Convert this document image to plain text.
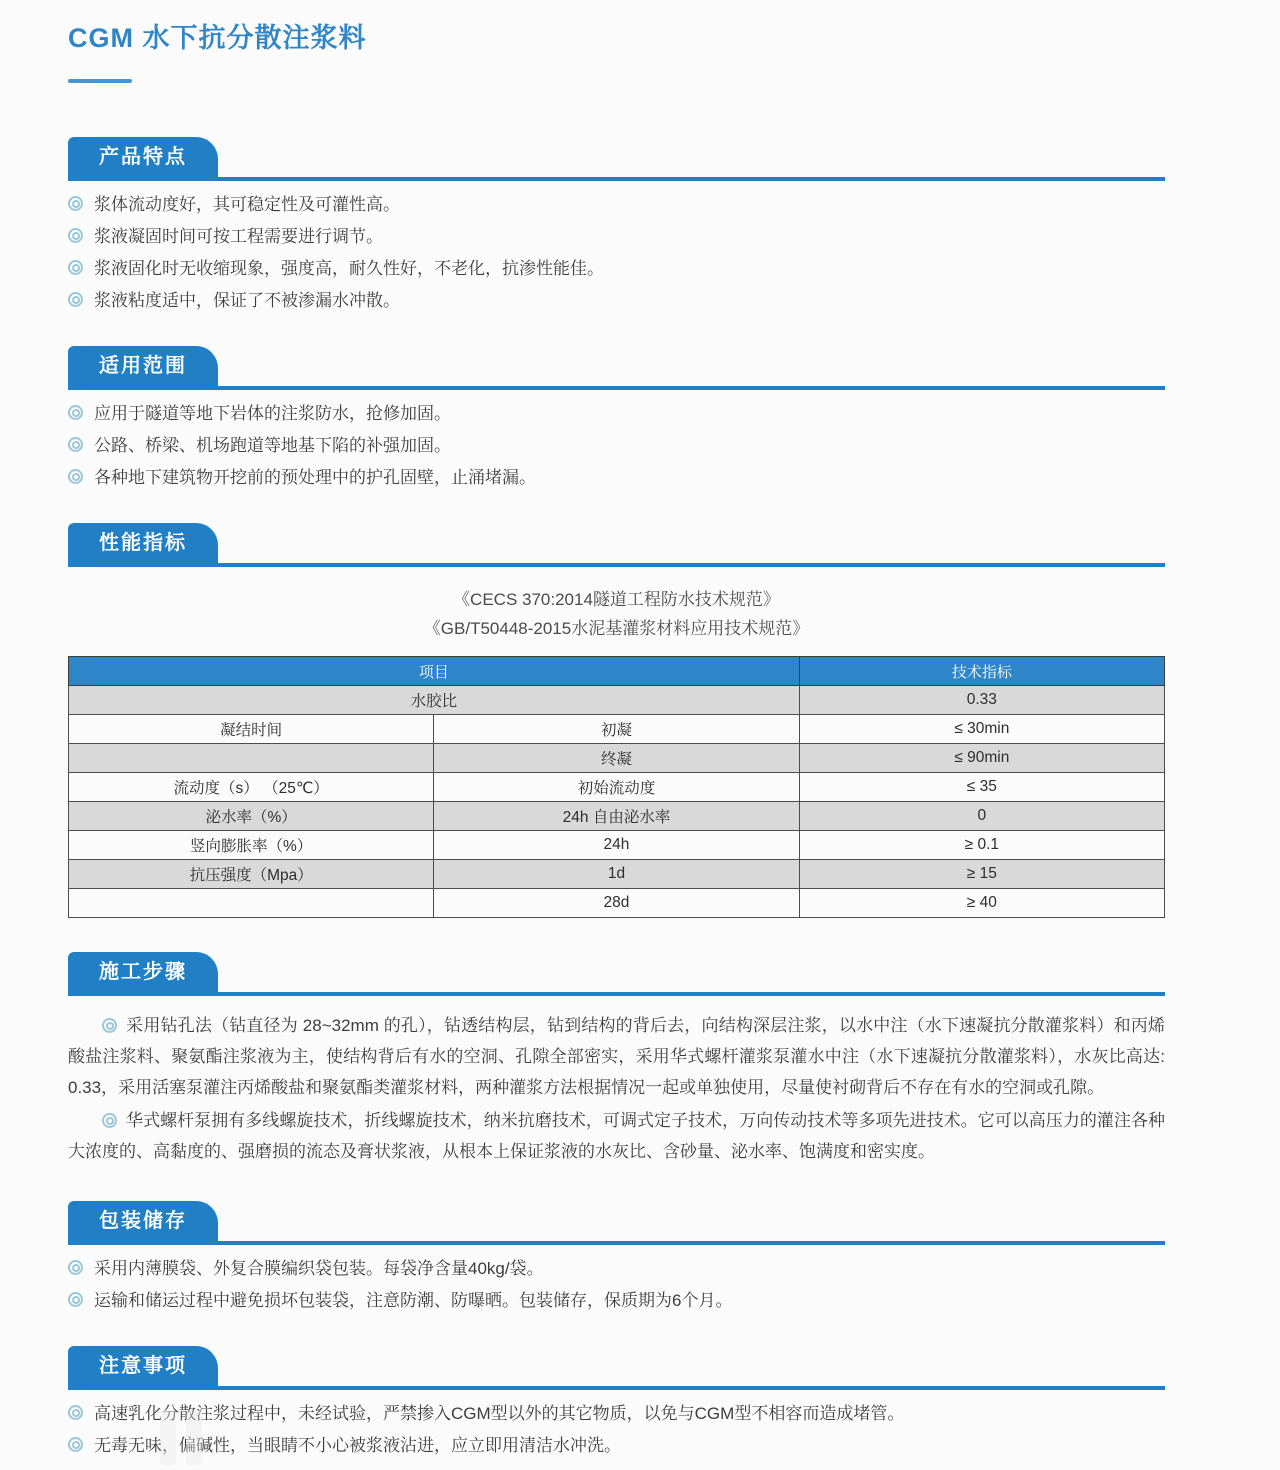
CGM 水下抗分散注浆料
产品特点
浆体流动度好，其可稳定性及可灌性高。
浆液凝固时间可按工程需要进行调节。
浆液固化时无收缩现象，强度高，耐久性好，不老化，抗渗性能佳。
浆液粘度适中，保证了不被渗漏水冲散。
适用范围
应用于隧道等地下岩体的注浆防水，抢修加固。
公路、桥梁、机场跑道等地基下陷的补强加固。
各种地下建筑物开挖前的预处理中的护孔固壁，止涌堵漏。
性能指标
《CECS 370:2014隧道工程防水技术规范》
《GB/T50448-2015水泥基灌浆材料应用技术规范》
项目		技术指标
水胶比		0.33
凝结时间	初凝	≤ 30min
	终凝	≤ 90min
流动度（s） （25℃）	初始流动度	≤ 35
泌水率（%）	24h 自由泌水率	0
竖向膨胀率（%）	24h	≥ 0.1
抗压强度（Mpa）	1d	≥ 15
	28d	≥ 40
施工步骤

采用钻孔法（钻直径为 28~32mm 的孔），钻透结构层，钻到结构的背后去，向结构深层注浆，以水中注（水下速凝抗分散灌浆料）和丙烯酸盐注浆料、聚氨酯注浆液为主，使结构背后有水的空洞、孔隙全部密实，采用华式螺杆灌浆泵灌水中注（水下速凝抗分散灌浆料），水灰比高达: 0.33，采用活塞泵灌注丙烯酸盐和聚氨酯类灌浆材料，两种灌浆方法根据情况一起或单独使用，尽量使衬砌背后不存在有水的空洞或孔隙。

华式螺杆泵拥有多线螺旋技术，折线螺旋技术，纳米抗磨技术，可调式定子技术，万向传动技术等多项先进技术。它可以高压力的灌注各种大浓度的、高黏度的、强磨损的流态及膏状浆液，从根本上保证浆液的水灰比、含砂量、泌水率、饱满度和密实度。

包装储存
采用内薄膜袋、外复合膜编织袋包装。每袋净含量40kg/袋。
运输和储运过程中避免损坏包装袋，注意防潮、防曝晒。包装储存，保质期为6个月。
注意事项
高速乳化分散注浆过程中，未经试验，严禁掺入CGM型以外的其它物质，以免与CGM型不相容而造成堵管。
无毒无味，偏碱性，当眼睛不小心被浆液沾进，应立即用清洁水冲洗。
